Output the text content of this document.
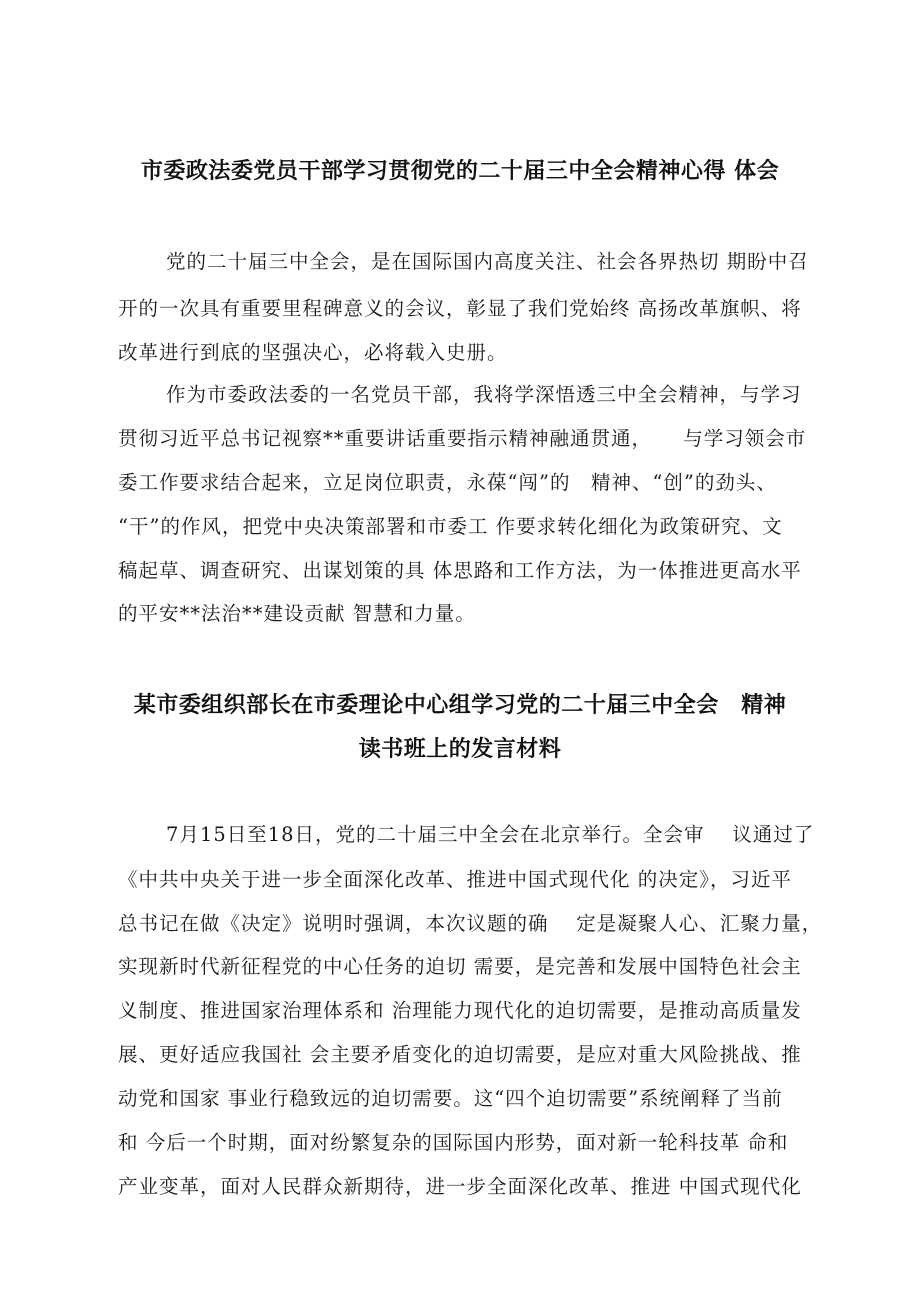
市委政法委党员干部学习贯彻党的二十届三中全会精神心得 体会
党的二十届三中全会，是在国际国内高度关注、社会各界热切 期盼中召
开的一次具有重要里程碑意义的会议，彰显了我们党始终 高扬改革旗帜、将
改革进行到底的坚强决心，必将载入史册。
作为市委政法委的一名党员干部，我将学深悟透三中全会精神，与学习
贯彻习近平总书记视察**重要讲话重要指示精神融通贯通，　　与学习领会市
委工作要求结合起来，立足岗位职责，永葆“闯”的　精神、“创”的劲头、
“干”的作风，把党中央决策部署和市委工 作要求转化细化为政策研究、文
稿起草、调查研究、出谋划策的具 体思路和工作方法，为一体推进更高水平
的平安**法治**建设贡献 智慧和力量。
某市委组织部长在市委理论中心组学习党的二十届三中全会　精神
读书班上的发言材料
7月15日至18日，党的二十届三中全会在北京举行。全会审　 议通过了
《中共中央关于进一步全面深化改革、推进中国式现代化 的决定》，习近平
总书记在做《决定》说明时强调，本次议题的确　 定是凝聚人心、汇聚力量，
实现新时代新征程党的中心任务的迫切 需要，是完善和发展中国特色社会主
义制度、推进国家治理体系和 治理能力现代化的迫切需要，是推动高质量发
展、更好适应我国社 会主要矛盾变化的迫切需要，是应对重大风险挑战、推
动党和国家 事业行稳致远的迫切需要。这“四个迫切需要”系统阐释了当前
和 今后一个时期，面对纷繁复杂的国际国内形势，面对新一轮科技革 命和
产业变革，面对人民群众新期待，进一步全面深化改革、推进 中国式现代化
